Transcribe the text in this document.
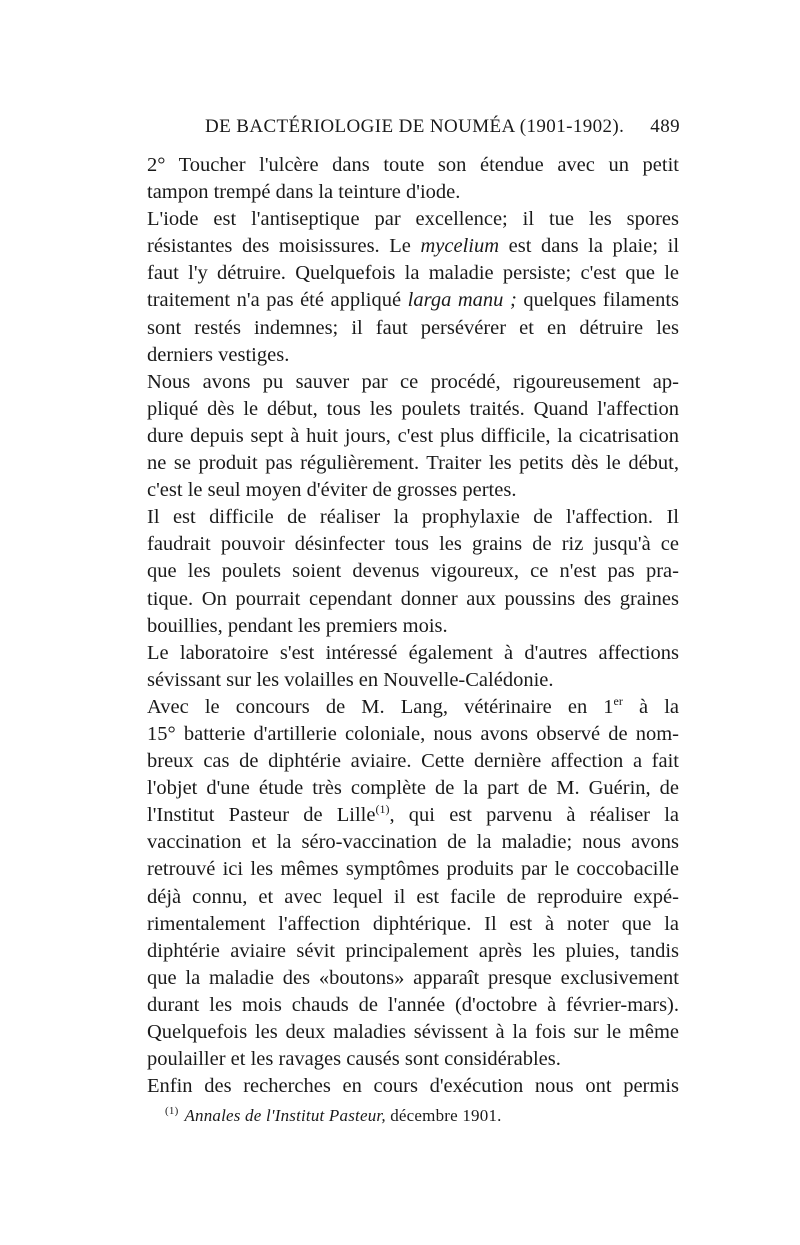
DE BACTÉRIOLOGIE DE NOUMÉA (1901-1902). 489

2° Toucher l'ulcère dans toute son étendue avec un petit
tampon trempé dans la teinture d'iode.

L'iode est l'antiseptique par excellence; il tue les spores
résistantes des moisissures. Le mycelium est dans la plaie; il
faut l'y détruire. Quelquefois la maladie persiste; c'est que le
traitement n'a pas été appliqué larga manu ; quelques filaments
sont restés indemnes; il faut persévérer et en détruire les
derniers vestiges.

Nous avons pu sauver par ce procédé, rigoureusement ap-
pliqué dès le début, tous les poulets traités. Quand l'affection
dure depuis sept à huit jours, c'est plus difficile, la cicatrisation
ne se produit pas régulièrement. Traiter les petits dès le début,
c'est le seul moyen d'éviter de grosses pertes.

Il est difficile de réaliser la prophylaxie de l'affection. Il
faudrait pouvoir désinfecter tous les grains de riz jusqu'à ce
que les poulets soient devenus vigoureux, ce n'est pas pra-
tique. On pourrait cependant donner aux poussins des graines
bouillies, pendant les premiers mois.

Le laboratoire s'est intéressé également à d'autres affections
sévissant sur les volailles en Nouvelle-Calédonie.

Avec le concours de M. Lang, vétérinaire en 1er à la
15° batterie d'artillerie coloniale, nous avons observé de nom-
breux cas de diphtérie aviaire. Cette dernière affection a fait
l'objet d'une étude très complète de la part de M. Guérin, de
l'Institut Pasteur de Lille$^{(1)}$, qui est parvenu à réaliser la
vaccination et la séro-vaccination de la maladie; nous avons
retrouvé ici les mêmes symptômes produits par le coccobacille
déjà connu, et avec lequel il est facile de reproduire expé-
rimentalement l'affection diphtérique. Il est à noter que la
diphtérie aviaire sévit principalement après les pluies, tandis
que la maladie des «boutons» apparaît presque exclusivement
durant les mois chauds de l'année (d'octobre à février-mars).
Quelquefois les deux maladies sévissent à la fois sur le même
poulailler et les ravages causés sont considérables.

Enfin des recherches en cours d'exécution nous ont permis

$^{(1)}$ Annales de l'Institut Pasteur, décembre 1901.
